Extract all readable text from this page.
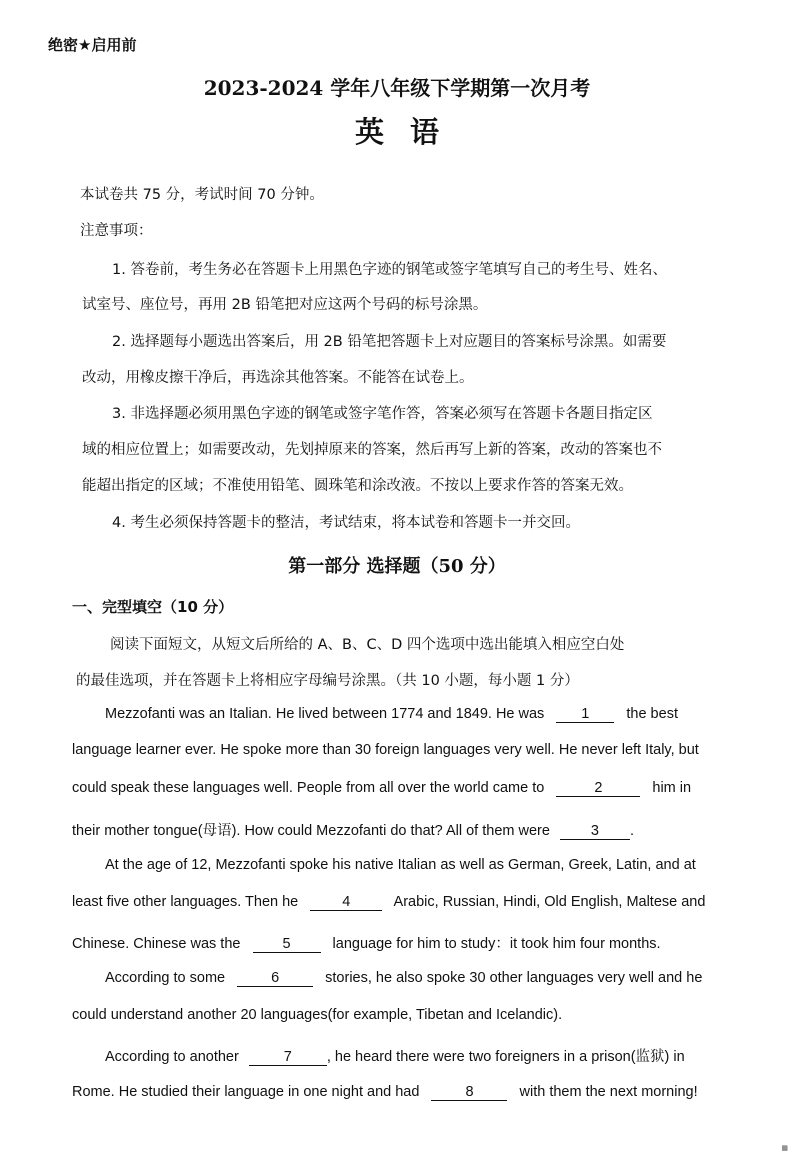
绝密★启用前
2023-2024 学年八年级下学期第一次月考
英语
本试卷共 75 分，考试时间 70 分钟。
注意事项：
1. 答卷前，考生务必在答题卡上用黑色字迹的钢笔或签字笔填写自己的考生号、姓名、
试室号、座位号，再用 2B 铅笔把对应这两个号码的标号涂黑。
2. 选择题每小题选出答案后，用 2B 铅笔把答题卡上对应题目的答案标号涂黑。如需要
改动，用橡皮擦干净后，再选涂其他答案。不能答在试卷上。
3. 非选择题必须用黑色字迹的钢笔或签字笔作答，答案必须写在答题卡各题目指定区
域的相应位置上；如需要改动，先划掉原来的答案，然后再写上新的答案，改动的答案也不
能超出指定的区域；不准使用铅笔、圆珠笔和涂改液。不按以上要求作答的答案无效。
4. 考生必须保持答题卡的整洁，考试结束，将本试卷和答题卡一并交回。
第一部分 选择题（50 分）
一、完型填空（10 分）
阅读下面短文，从短文后所给的 A、B、C、D 四个选项中选出能填入相应空白处
的最佳选项，并在答题卡上将相应字母编号涂黑。（共 10 小题，每小题 1 分）
Mezzofanti was an Italian. He lived between 1774 and 1849. He was	1	the best
language learner ever. He spoke more than 30 foreign languages very well. He never left Italy, but
could speak these languages well. People from all over the world came to	2	him in
their mother tongue(母语). How could Mezzofanti do that? All of them were	3 .
At the age of 12, Mezzofanti spoke his native Italian as well as German, Greek, Latin, and at
least five other languages. Then he	4	Arabic, Russian, Hindi, Old English, Maltese and
Chinese. Chinese was the	5	language for him to study：it took him four months.
According to some	6	stories, he also spoke 30 other languages very well and he
could understand another 20 languages(for example, Tibetan and Icelandic).
According to another	7 , he heard there were two foreigners in a prison(监狱) in
Rome. He studied their language in one night and had	8	with them the next morning!
▦
